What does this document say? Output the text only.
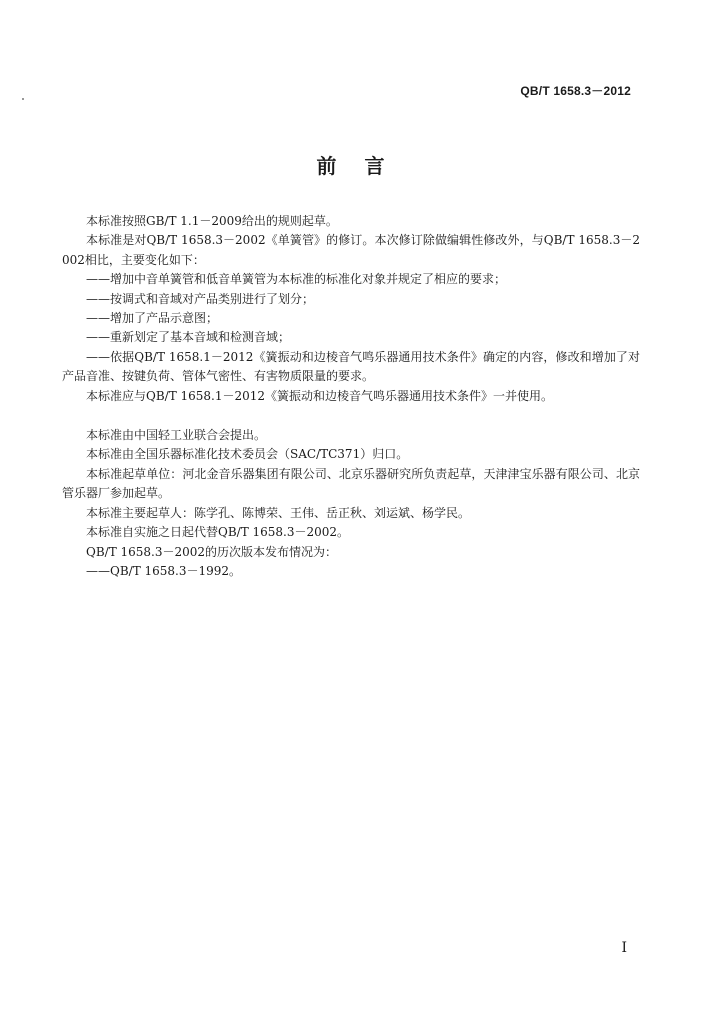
QB/T 1658.3－2012
前言

本标准按照GB/T 1.1－2009给出的规则起草。

本标准是对QB/T 1658.3－2002《单簧管》的修订。本次修订除做编辑性修改外，与QB/T 1658.3－2002相比，主要变化如下：

——增加中音单簧管和低音单簧管为本标准的标准化对象并规定了相应的要求；

——按调式和音域对产品类别进行了划分；

——增加了产品示意图；

——重新划定了基本音域和检测音域；

——依据QB/T 1658.1－2012《簧振动和边棱音气鸣乐器通用技术条件》确定的内容，修改和增加了对产品音准、按键负荷、管体气密性、有害物质限量的要求。

本标准应与QB/T 1658.1－2012《簧振动和边棱音气鸣乐器通用技术条件》一并使用。

本标准由中国轻工业联合会提出。

本标准由全国乐器标准化技术委员会（SAC/TC371）归口。

本标准起草单位：河北金音乐器集团有限公司、北京乐器研究所负责起草，天津津宝乐器有限公司、北京管乐器厂参加起草。

本标准主要起草人：陈学孔、陈博荣、王伟、岳正秋、刘运斌、杨学民。

本标准自实施之日起代替QB/T 1658.3－2002。

QB/T 1658.3－2002的历次版本发布情况为：

——QB/T 1658.3－1992。

I
